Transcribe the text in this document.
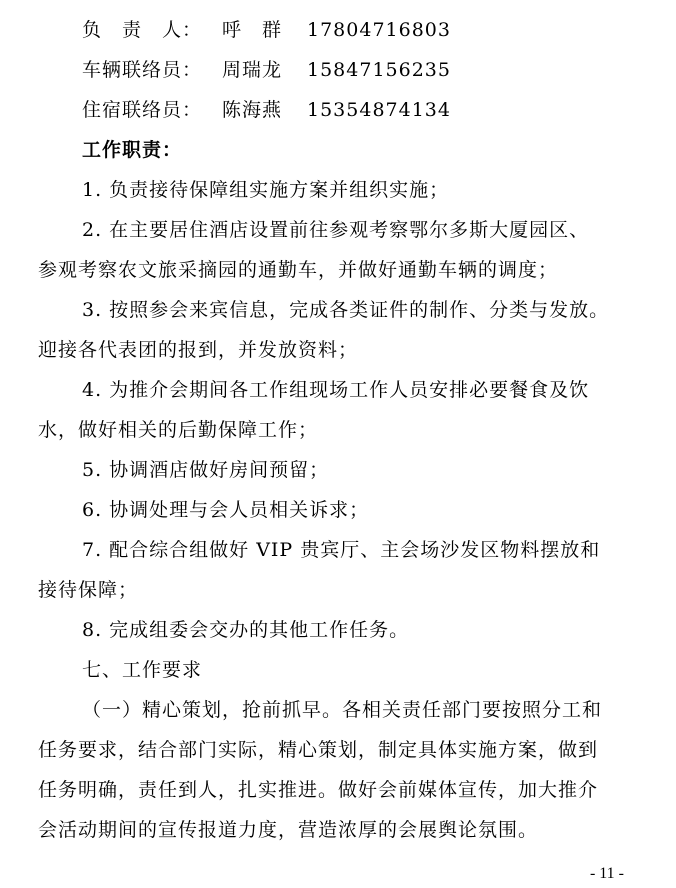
负　责　人： 呼　群 17804716803
车辆联络员： 周瑞龙 15847156235
住宿联络员： 陈海燕 15354874134
工作职责：
1. 负责接待保障组实施方案并组织实施；
2. 在主要居住酒店设置前往参观考察鄂尔多斯大厦园区、
参观考察农文旅采摘园的通勤车，并做好通勤车辆的调度；
3. 按照参会来宾信息，完成各类证件的制作、分类与发放。
迎接各代表团的报到，并发放资料；
4. 为推介会期间各工作组现场工作人员安排必要餐食及饮
水，做好相关的后勤保障工作；
5. 协调酒店做好房间预留；
6. 协调处理与会人员相关诉求；
7. 配合综合组做好 VIP 贵宾厅、主会场沙发区物料摆放和
接待保障；
8. 完成组委会交办的其他工作任务。
七、工作要求
（一）精心策划，抢前抓早。各相关责任部门要按照分工和
任务要求，结合部门实际，精心策划，制定具体实施方案，做到
任务明确，责任到人，扎实推进。做好会前媒体宣传，加大推介
会活动期间的宣传报道力度，营造浓厚的会展舆论氛围。
- 11 -
